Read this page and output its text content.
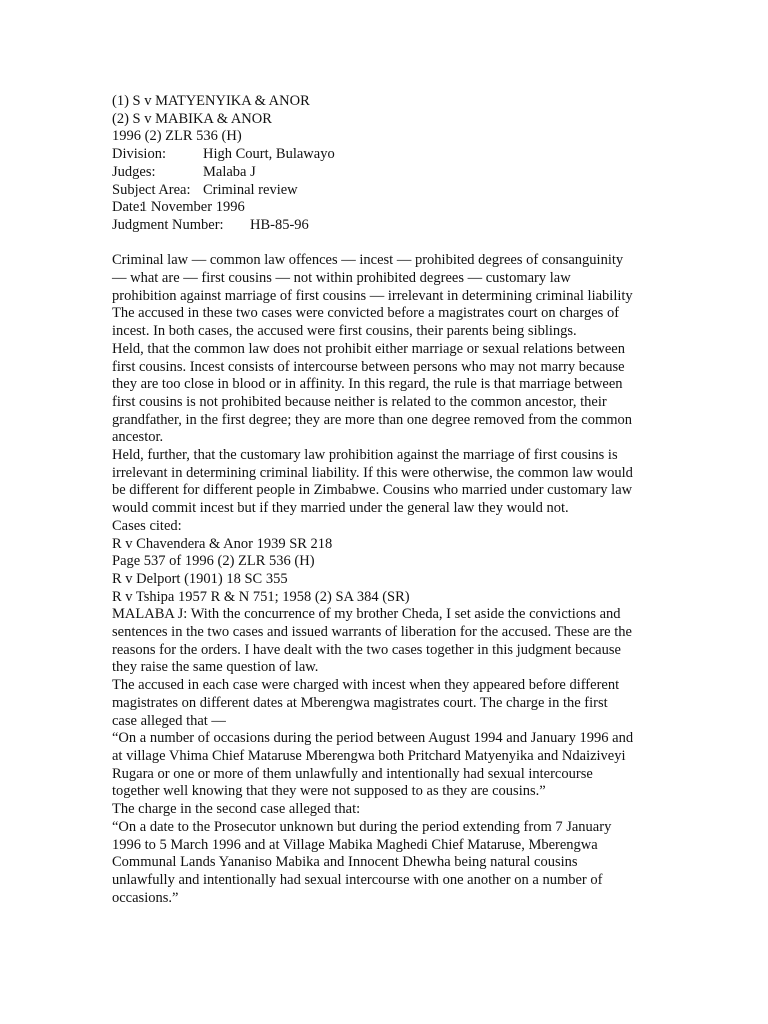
(1) S v MATYENYIKA & ANOR
(2) S v MABIKA & ANOR
1996 (2) ZLR 536 (H)
Division:	High Court, Bulawayo
Judges:	Malaba J
Subject Area: Criminal review
Date:
1 November 1996
Judgment Number:	HB-85-96
Criminal law — common law offences — incest — prohibited degrees of consanguinity
— what are — first cousins — not within prohibited degrees — customary law
prohibition against marriage of first cousins — irrelevant in determining criminal liability
The accused in these two cases were convicted before a magistrates court on charges of
incest. In both cases, the accused were first cousins, their parents being siblings.
Held, that the common law does not prohibit either marriage or sexual relations between
first cousins. Incest consists of intercourse between persons who may not marry because
they are too close in blood or in affinity. In this regard, the rule is that marriage between
first cousins is not prohibited because neither is related to the common ancestor, their
grandfather, in the first degree; they are more than one degree removed from the common
ancestor.
Held, further, that the customary law prohibition against the marriage of first cousins is
irrelevant in determining criminal liability. If this were otherwise, the common law would
be different for different people in Zimbabwe. Cousins who married under customary law
would commit incest but if they married under the general law they would not.
Cases cited:
R v Chavendera & Anor 1939 SR 218
Page 537 of 1996 (2) ZLR 536 (H)
R v Delport (1901) 18 SC 355
R v Tshipa 1957 R & N 751; 1958 (2) SA 384 (SR)
MALABA J: With the concurrence of my brother Cheda, I set aside the convictions and
sentences in the two cases and issued warrants of liberation for the accused. These are the
reasons for the orders. I have dealt with the two cases together in this judgment because
they raise the same question of law.
The accused in each case were charged with incest when they appeared before different
magistrates on different dates at Mberengwa magistrates court. The charge in the first
case alleged that —
“On a number of occasions during the period between August 1994 and January 1996 and
at village Vhima Chief Mataruse Mberengwa both Pritchard Matyenyika and Ndaiziveyi
Rugara or one or more of them unlawfully and intentionally had sexual intercourse
together well knowing that they were not supposed to as they are cousins.”
The charge in the second case alleged that:
“On a date to the Prosecutor unknown but during the period extending from 7 January
1996 to 5 March 1996 and at Village Mabika Maghedi Chief Mataruse, Mberengwa
Communal Lands Yananiso Mabika and Innocent Dhewha being natural cousins
unlawfully and intentionally had sexual intercourse with one another on a number of
occasions.”
